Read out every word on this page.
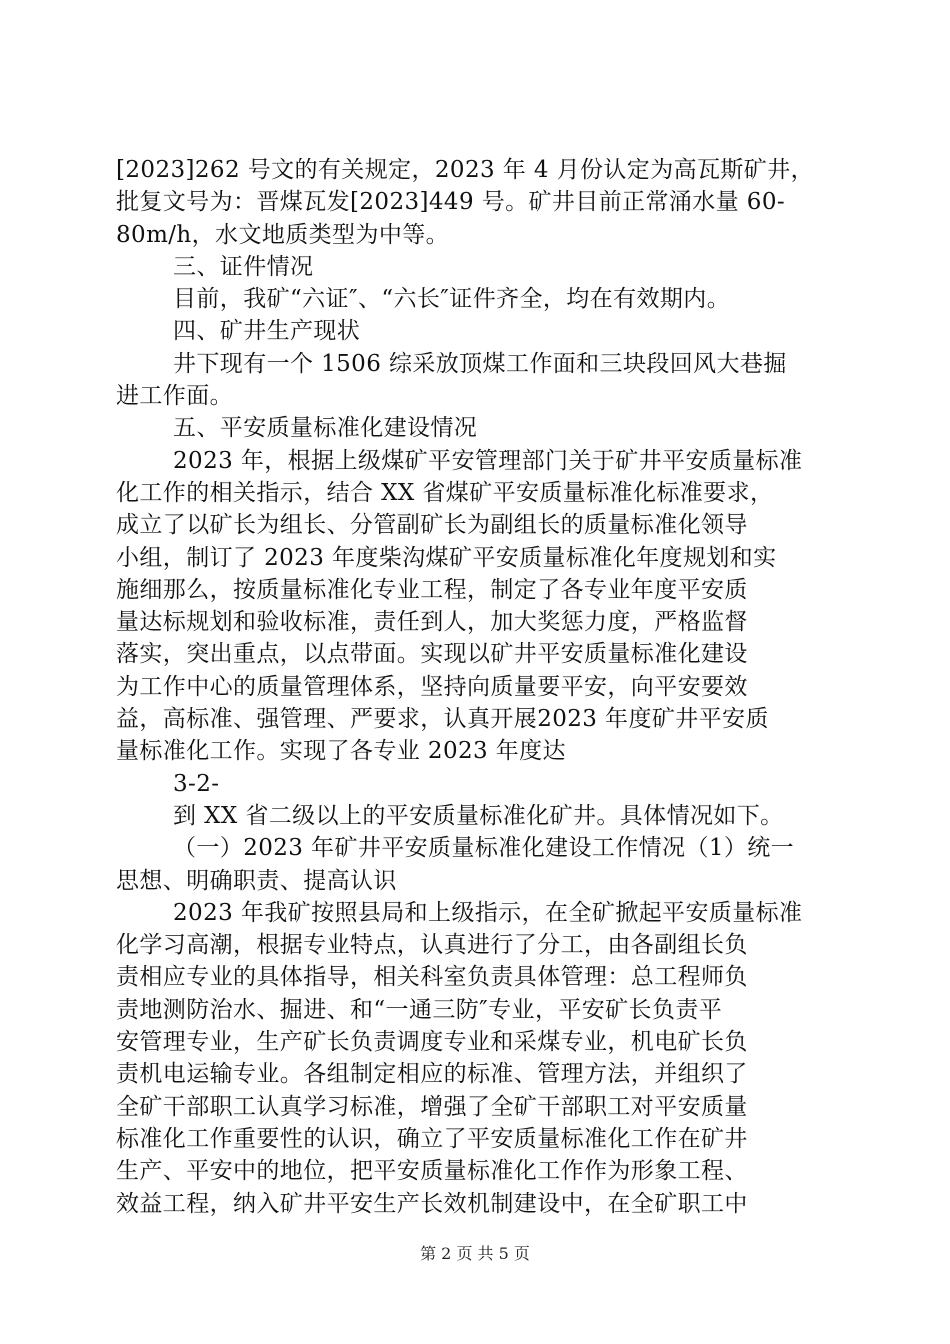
[2023]262 号文的有关规定，2023 年 4 月份认定为高瓦斯矿井，
批复文号为：晋煤瓦发[2023]449 号。矿井目前正常涌水量 60-
80m/h，水文地质类型为中等。
三、证件情况
目前，我矿“六证″、“六长″证件齐全，均在有效期内。
四、矿井生产现状
井下现有一个 1506 综采放顶煤工作面和三块段回风大巷掘
进工作面。
五、平安质量标准化建设情况
2023 年，根据上级煤矿平安管理部门关于矿井平安质量标准
化工作的相关指示，结合 XX 省煤矿平安质量标准化标准要求，
成立了以矿长为组长、分管副矿长为副组长的质量标准化领导
小组，制订了 2023 年度柴沟煤矿平安质量标准化年度规划和实
施细那么，按质量标准化专业工程，制定了各专业年度平安质
量达标规划和验收标准，责任到人，加大奖惩力度，严格监督
落实，突出重点，以点带面。实现以矿井平安质量标准化建设
为工作中心的质量管理体系，坚持向质量要平安，向平安要效
益，高标准、强管理、严要求，认真开展2023 年度矿井平安质
量标准化工作。实现了各专业 2023 年度达
3-2-
到 XX 省二级以上的平安质量标准化矿井。具体情况如下。
（一）2023 年矿井平安质量标准化建设工作情况（1）统一
思想、明确职责、提高认识
2023 年我矿按照县局和上级指示，在全矿掀起平安质量标准
化学习高潮，根据专业特点，认真进行了分工，由各副组长负
责相应专业的具体指导，相关科室负责具体管理：总工程师负
责地测防治水、掘进、和“一通三防″专业，平安矿长负责平
安管理专业，生产矿长负责调度专业和采煤专业，机电矿长负
责机电运输专业。各组制定相应的标准、管理方法，并组织了
全矿干部职工认真学习标准，增强了全矿干部职工对平安质量
标准化工作重要性的认识，确立了平安质量标准化工作在矿井
生产、平安中的地位，把平安质量标准化工作作为形象工程、
效益工程，纳入矿井平安生产长效机制建设中，在全矿职工中
第 2 页 共 5 页
